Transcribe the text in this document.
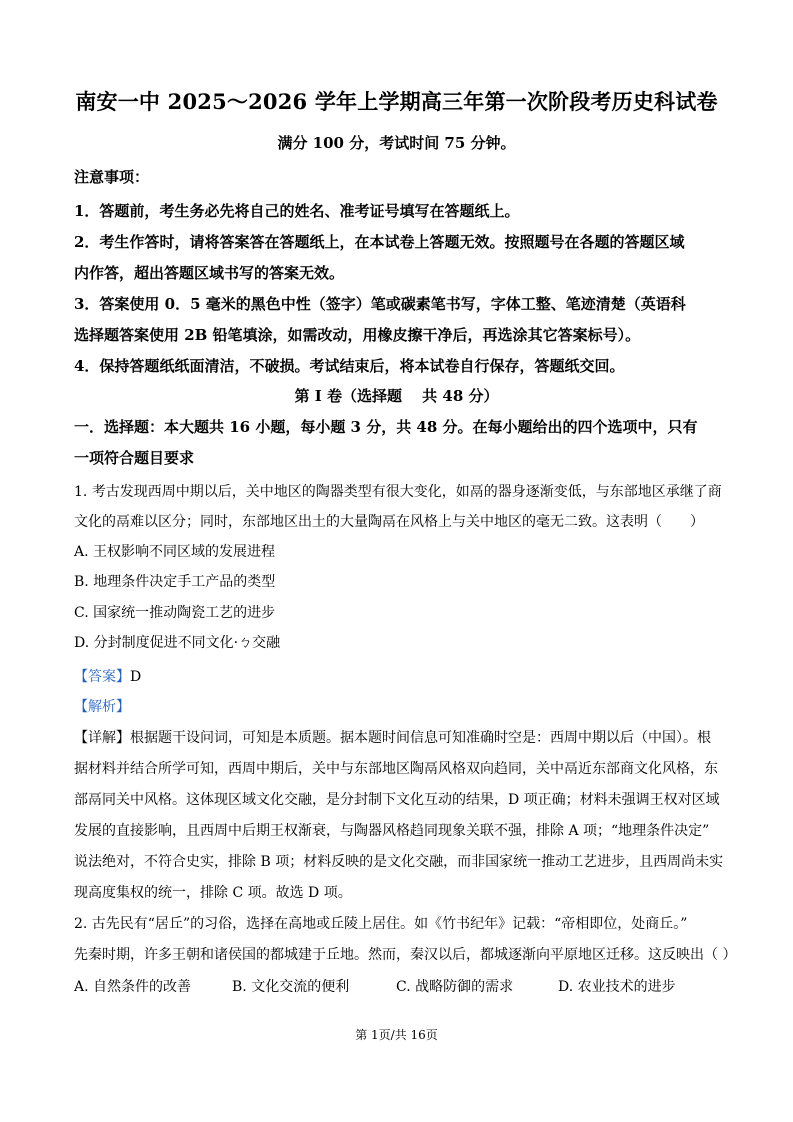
南安一中 2025～2026 学年上学期高三年第一次阶段考历史科试卷
满分 100 分，考试时间 75 分钟。
注意事项：
1．答题前，考生务必先将自己的姓名、准考证号填写在答题纸上。
2．考生作答时，请将答案答在答题纸上，在本试卷上答题无效。按照题号在各题的答题区域
内作答，超出答题区域书写的答案无效。
3．答案使用 0．5 毫米的黑色中性（签字）笔或碳素笔书写，字体工整、笔迹清楚（英语科
选择题答案使用 2B 铅笔填涂，如需改动，用橡皮擦干净后，再选涂其它答案标号）。
4．保持答题纸纸面清洁，不破损。考试结束后，将本试卷自行保存，答题纸交回。
第 I 卷（选择题　 共 48 分）
一．选择题：本大题共 16 小题，每小题 3 分，共 48 分。在每小题给出的四个选项中，只有
一项符合题目要求
1. 考古发现西周中期以后，关中地区的陶器类型有很大变化，如鬲的器身逐渐变低，与东部地区承继了商
文化的鬲难以区分；同时，东部地区出土的大量陶鬲在风格上与关中地区的毫无二致。这表明（　　）
A. 王权影响不同区域的发展进程
B. 地理条件决定手工产品的类型
C. 国家统一推动陶瓷工艺的进步
D. 分封制度促进不同文化·ㄅ交融
【答案】D
【解析】
【详解】根据题干设问词，可知是本质题。据本题时间信息可知准确时空是：西周中期以后（中国）。根
据材料并结合所学可知，西周中期后，关中与东部地区陶鬲风格双向趋同，关中鬲近东部商文化风格，东
部鬲同关中风格。这体现区域文化交融，是分封制下文化互动的结果，D 项正确；材料未强调王权对区域
发展的直接影响，且西周中后期王权渐衰，与陶器风格趋同现象关联不强，排除 A 项；“地理条件决定”
说法绝对，不符合史实，排除 B 项；材料反映的是文化交融，而非国家统一推动工艺进步，且西周尚未实
现高度集权的统一，排除 C 项。故选 D 项。
2. 古先民有“居丘”的习俗，选择在高地或丘陵上居住。如《竹书纪年》记载：“帝相即位，处商丘。”
先秦时期，许多王朝和诸侯国的都城建于丘地。然而，秦汉以后，都城逐渐向平原地区迁移。这反映出（ ）
A. 自然条件的改善	B. 文化交流的便利	C. 战略防御的需求	D. 农业技术的进步
第 1页/共 16页
